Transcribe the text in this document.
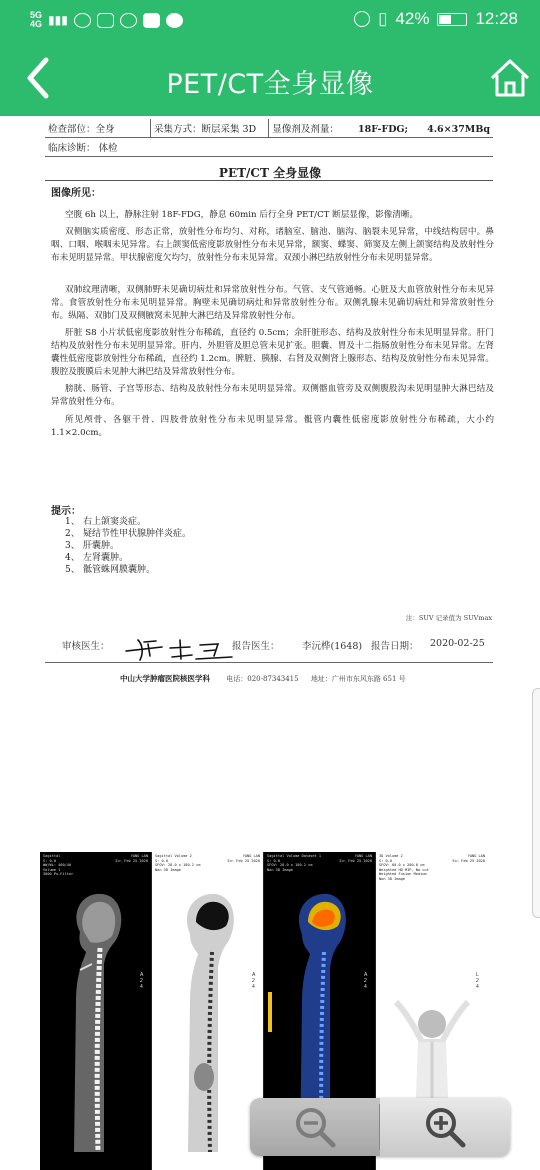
5G
4G ▮▮▮	▯ 42%	12:28
PET/CT全身显像
检查部位：全身	采集方式：断层采集 3D	显像剂及剂量： 18F-FDG; 4.6×37MBq
临床诊断： 体检
PET/CT 全身显像
图像所见：

空腹 6h 以上，静脉注射 18F-FDG，静息 60min 后行全身 PET/CT 断层显像，影像清晰。

双侧脑实质密度、形态正常，放射性分布均匀、对称，诸脑室、脑池、脑沟、脑裂未见异常，中线结构居中。鼻咽、口咽、喉咽未见异常。右上颌窦低密度影放射性分布未见异常，额窦、蝶窦、筛窦及左侧上颌窦结构及放射性分布未见明显异常。甲状腺密度欠均匀，放射性分布未见异常。双颈小淋巴结放射性分布未见明显异常。

双肺纹理清晰，双侧肺野未见确切病灶和异常放射性分布。气管、支气管通畅。心脏及大血管放射性分布未见异常。食管放射性分布未见明显异常。胸壁未见确切病灶和异常放射性分布。双侧乳腺未见确切病灶和异常放射性分布。纵隔、双肺门及双侧腋窝未见肿大淋巴结及异常放射性分布。

肝脏 S8 小片状低密度影放射性分布稀疏，直径约 0.5cm；余肝脏形态、结构及放射性分布未见明显异常。肝门结构及放射性分布未见明显异常。肝内、外胆管及胆总管未见扩张。胆囊、胃及十二指肠放射性分布未见异常。左肾囊性低密度影放射性分布稀疏，直径约 1.2cm。脾脏、胰腺、右肾及双侧肾上腺形态、结构及放射性分布未见异常。腹腔及腹膜后未见肿大淋巴结及异常放射性分布。

膀胱、肠管、子宫等形态、结构及放射性分布未见明显异常。双侧髂血管旁及双侧腹股沟未见明显肿大淋巴结及异常放射性分布。

所见颅骨、各躯干骨、四肢骨放射性分布未见明显异常。骶管内囊性低密度影放射性分布稀疏，大小约 1.1×2.0cm。

提示：
1、 右上颌窦炎症。
2、 疑结节性甲状腺肿伴炎症。
3、 肝囊肿。
4、 左肾囊肿。
5、 骶管蛛网膜囊肿。
注：SUV 记录值为 SUVmax
审核医生：	报告医生： 李沅桦(1648) 报告日期： 2020-02-25
中山大学肿瘤医院核医学科 电话：020-87343415 地址：广州市东风东路 651 号
Sagittal
S: 0.0
WW/WL: 400/40
Volume 1
3000 Pu-Filter
YANG LAN
Ex: Feb 25 2020
A
2
4
Sagittal Volume 2
S: 0.0
SFOV: 28.0 x 180.2 cm
Non 3D Image
YANG LAN
Ex: Feb 25 2020
A
2
4
Sagittal Volume Dataset 1
S: 0.0
SFOV: 28.0 x 180.2 cm
Non 3D Image
YANG LAN
Ex: Feb 25 2020
A
2
4
3D Volume 2
S: 0.0
SFOV: 60.0 x 200.0 cm
Weighted HD MIP, No cut
Weighted Fusion Medium
Non 3D Image
YANG LAN
Ex: Feb 25 2020
L
2
4
